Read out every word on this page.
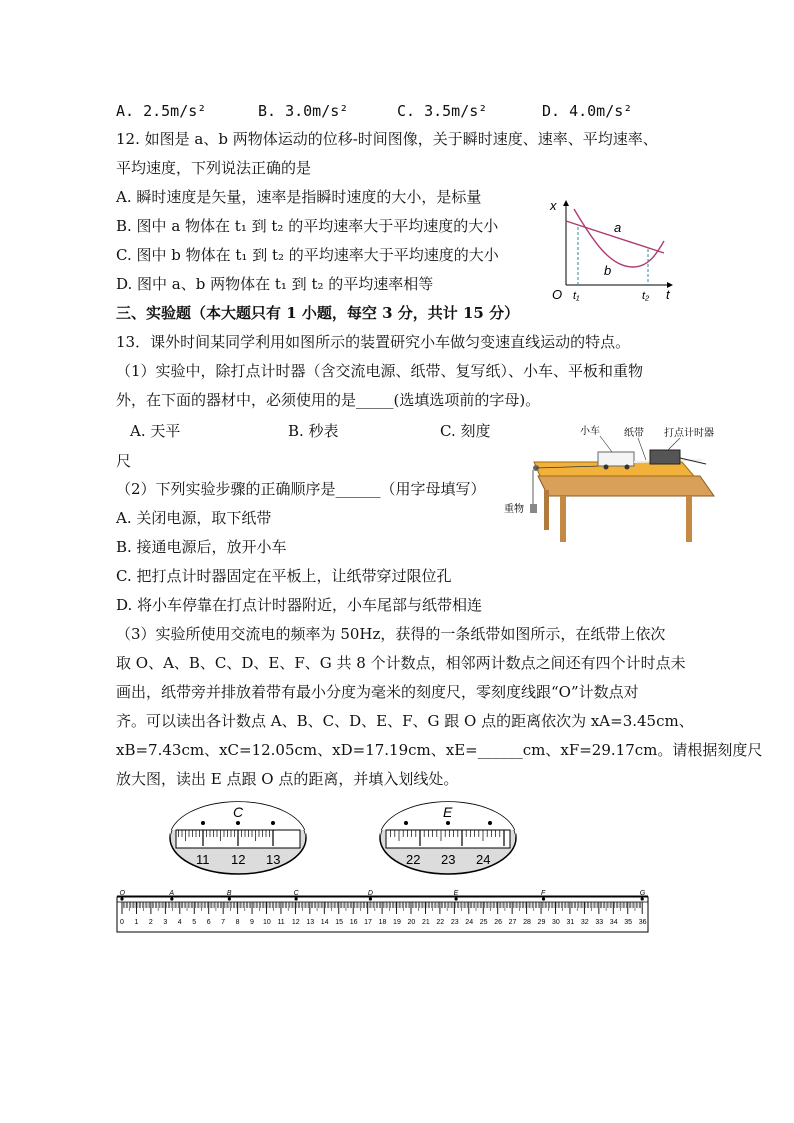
A. 2.5m/s²	B. 3.0m/s²	C. 3.5m/s²	D. 4.0m/s²
12. 如图是 a、b 两物体运动的位移-时间图像，关于瞬时速度、速率、平均速率、
平均速度，下列说法正确的是
A. 瞬时速度是矢量，速率是指瞬时速度的大小，是标量
B. 图中 a 物体在 t₁ 到 t₂ 的平均速率大于平均速度的大小
C. 图中 b 物体在 t₁ 到 t₂ 的平均速率大于平均速度的大小
D. 图中 a、b 两物体在 t₁ 到 t₂ 的平均速率相等
x
t
O t₁	t₂
a
b
三、实验题（本大题只有 1 小题，每空 3 分，共计 15 分）
13．课外时间某同学利用如图所示的装置研究小车做匀变速直线运动的特点。
（1）实验中，除打点计时器（含交流电源、纸带、复写纸）、小车、平板和重物
外，在下面的器材中，必须使用的是_____(选填选项前的字母)。
A. 天平	B. 秒表	C. 刻度
尺
（2）下列实验步骤的正确顺序是______（用字母填写）
A. 关闭电源，取下纸带
B. 接通电源后，放开小车
C. 把打点计时器固定在平板上，让纸带穿过限位孔
D. 将小车停靠在打点计时器附近，小车尾部与纸带相连
（3）实验所使用交流电的频率为 50Hz，获得的一条纸带如图所示，在纸带上依次
取 O、A、B、C、D、E、F、G 共 8 个计数点，相邻两计数点之间还有四个计时点未
画出，纸带旁并排放着带有最小分度为毫米的刻度尺，零刻度线跟“O”计数点对
齐。可以读出各计数点 A、B、C、D、E、F、G 跟 O 点的距离依次为 xA=3.45cm、
xB=7.43cm、xC=12.05cm、xD=17.19cm、xE=______cm、xF=29.17cm。请根据刻度尺
放大图，读出 E 点跟 O 点的距离，并填入划线处。
小车 纸带 打点计时器
重物
C
11 12 13
E
22 23 24
0 1 2 3 4 5 6 7 8 9 10 11 12 13 14 15 16 17 18 19 20 21 22 23 24 25 26 27 28 29 30 31 32 33 34 35 36
O	A	B	C	D	E	F	G
